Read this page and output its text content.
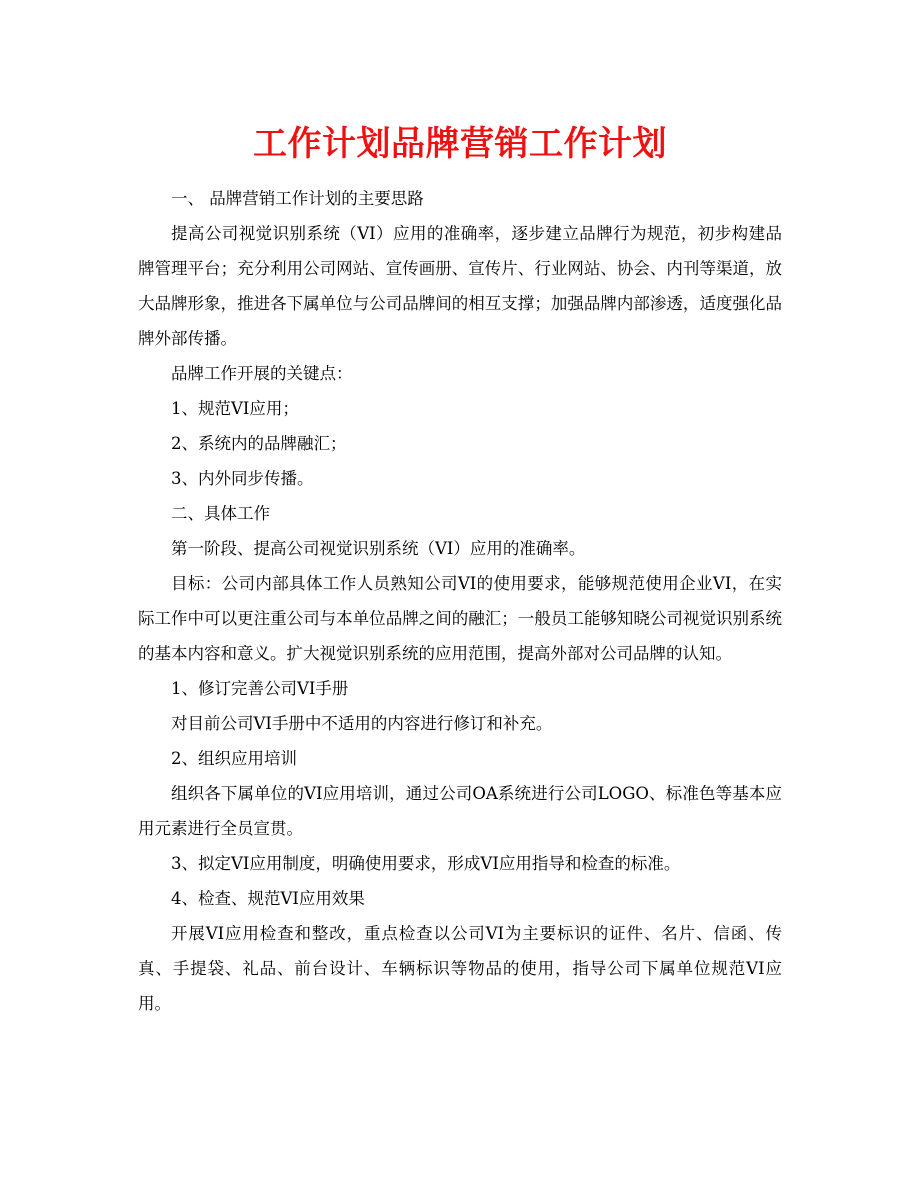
工作计划品牌营销工作计划

一、 品牌营销工作计划的主要思路

提高公司视觉识别系统（VI）应用的准确率，逐步建立品牌行为规范，初步构建品牌管理平台；充分利用公司网站、宣传画册、宣传片、行业网站、协会、内刊等渠道，放大品牌形象，推进各下属单位与公司品牌间的相互支撑；加强品牌内部渗透，适度强化品牌外部传播。

品牌工作开展的关键点：

1、规范VI应用；

2、系统内的品牌融汇；

3、内外同步传播。

二、具体工作

第一阶段、提高公司视觉识别系统（VI）应用的准确率。

目标：公司内部具体工作人员熟知公司VI的使用要求，能够规范使用企业VI，在实际工作中可以更注重公司与本单位品牌之间的融汇；一般员工能够知晓公司视觉识别系统的基本内容和意义。扩大视觉识别系统的应用范围，提高外部对公司品牌的认知。

1、修订完善公司VI手册

对目前公司VI手册中不适用的内容进行修订和补充。

2、组织应用培训

组织各下属单位的VI应用培训，通过公司OA系统进行公司LOGO、标准色等基本应用元素进行全员宣贯。

3、拟定VI应用制度，明确使用要求，形成VI应用指导和检查的标准。

4、检查、规范VI应用效果

开展VI应用检查和整改，重点检查以公司VI为主要标识的证件、名片、信函、传真、手提袋、礼品、前台设计、车辆标识等物品的使用，指导公司下属单位规范VI应用。
